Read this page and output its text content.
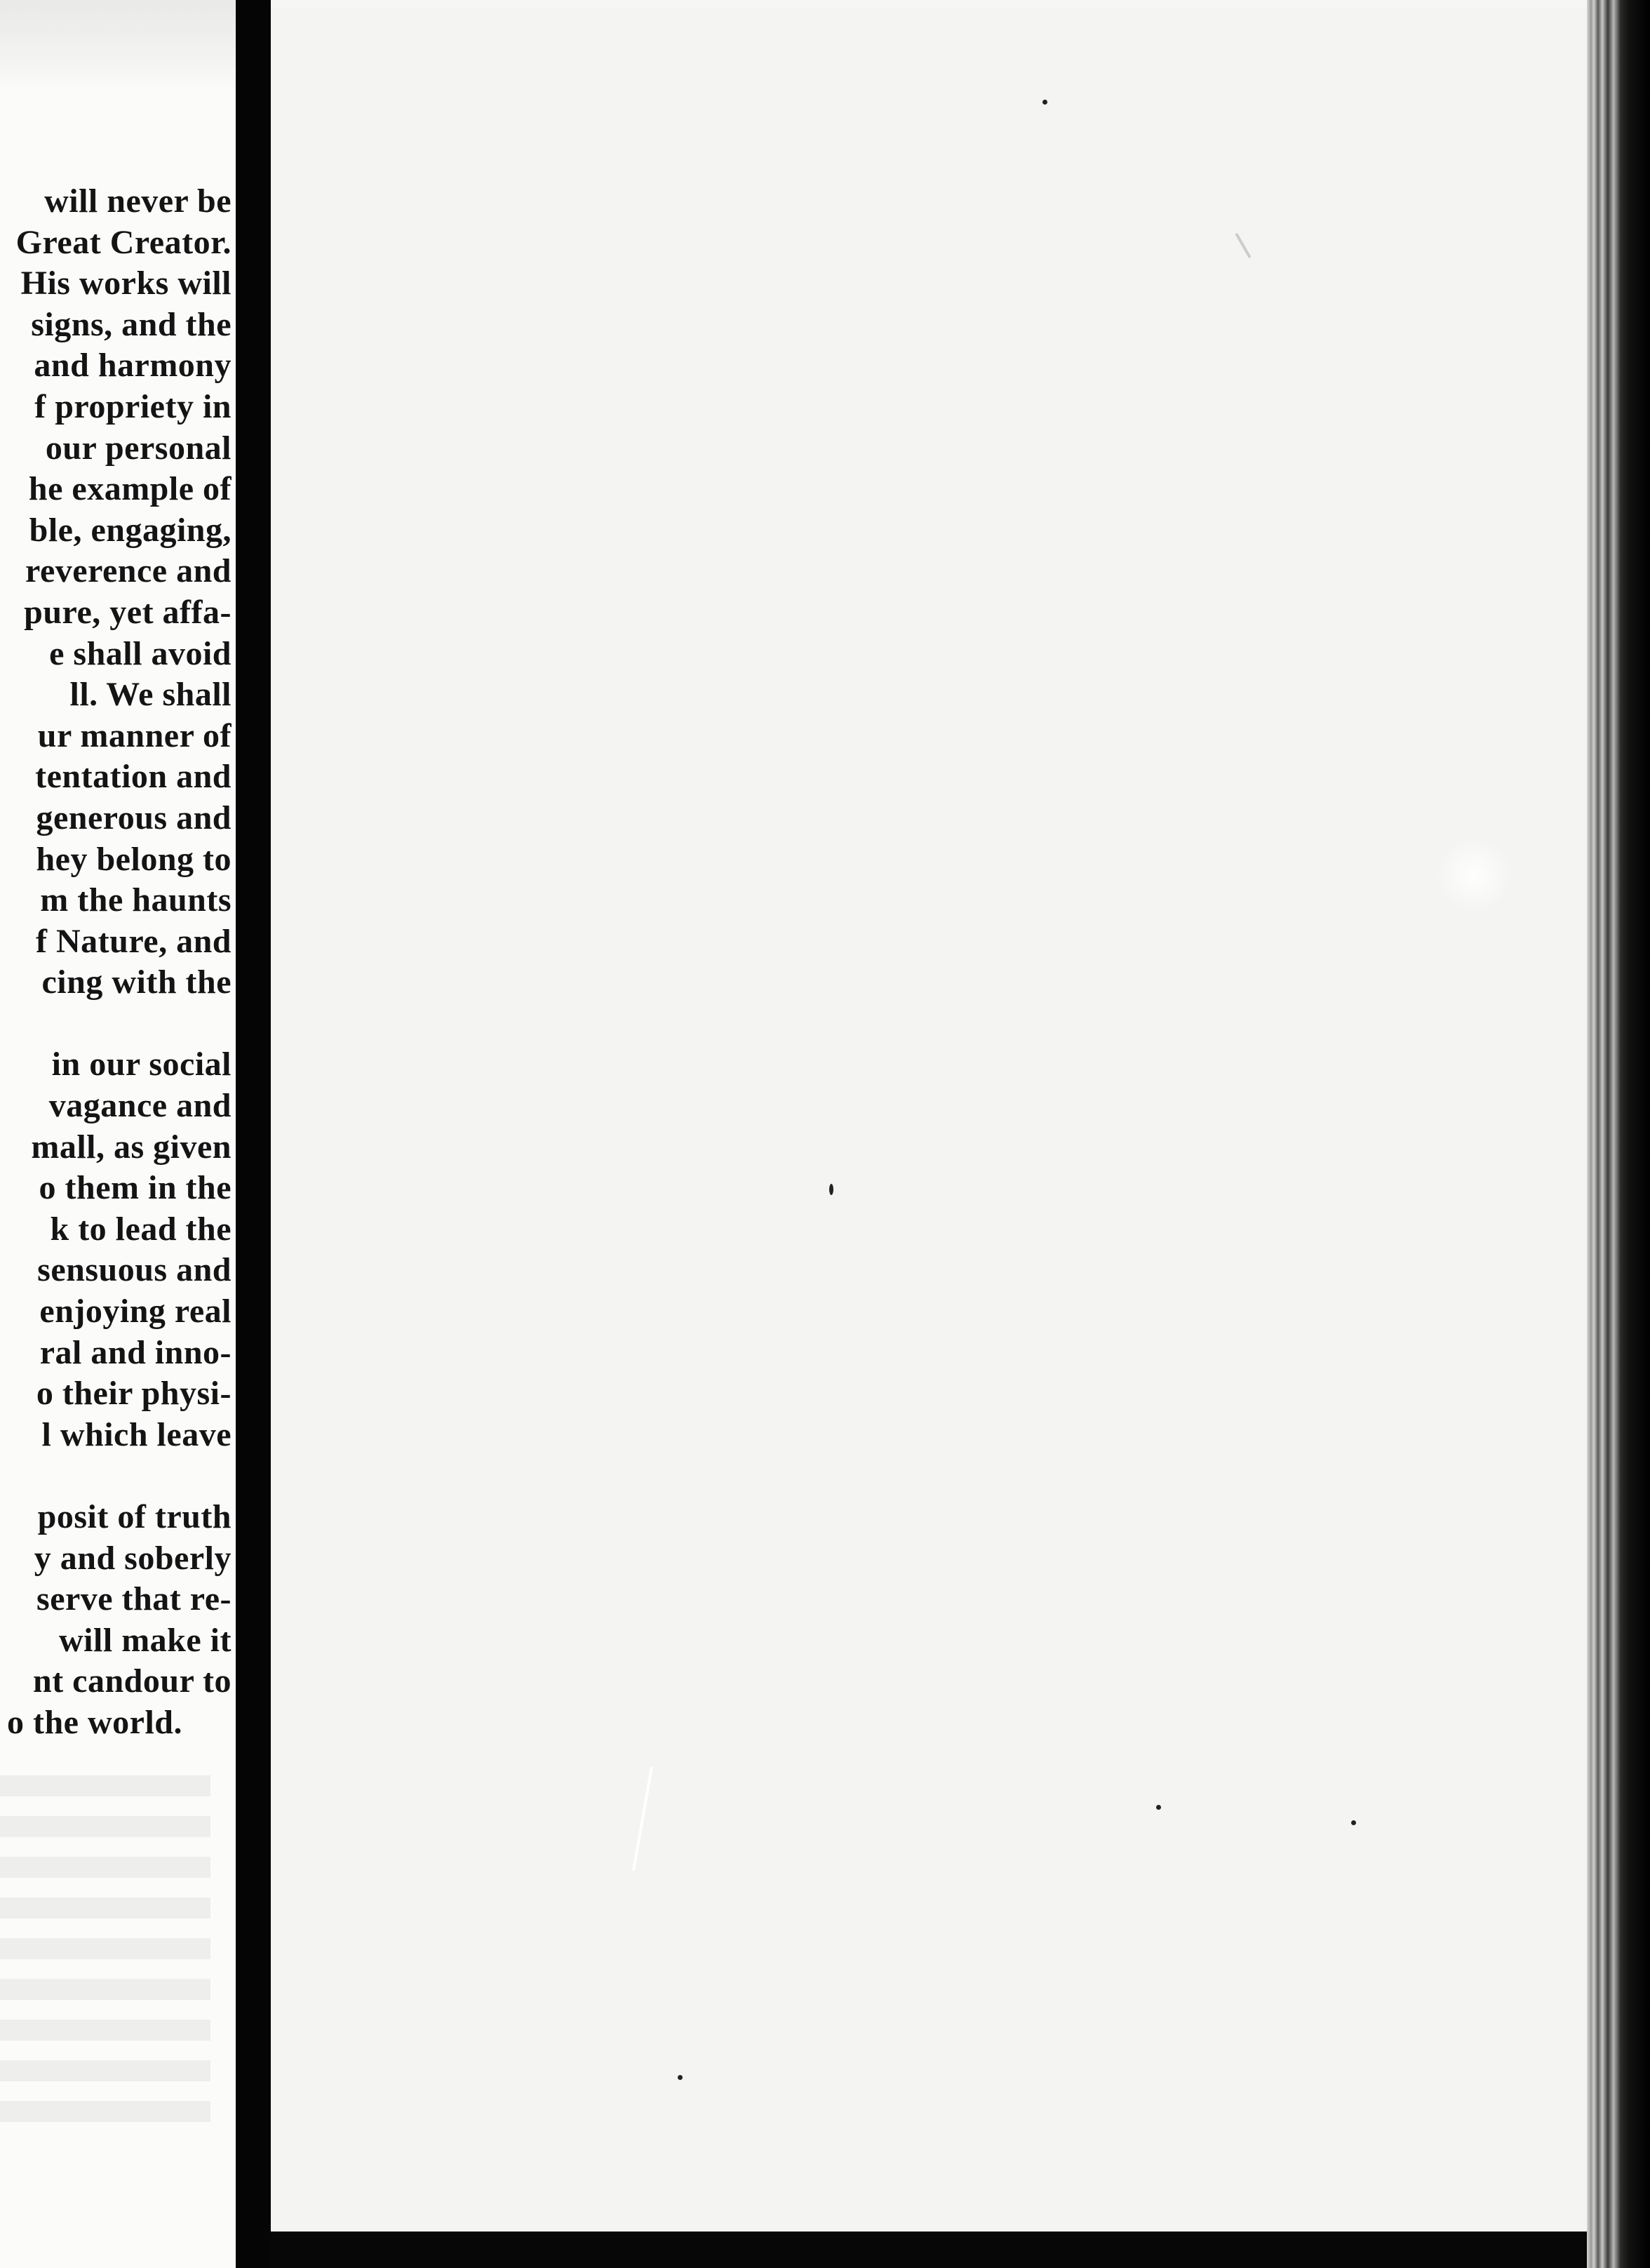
will never be
Great Creator.
His works will
signs, and the
and harmony
f propriety in
our personal
he example of
ble, engaging,
reverence and
pure, yet affa-
e shall avoid
ll. We shall
ur manner of
tentation and
generous and
hey belong to
m the haunts
f Nature, and
cing with the
in our social
vagance and
mall, as given
o them in the
k to lead the
sensuous and
enjoying real
ral and inno-
o their physi-
l which leave
posit of truth
y and soberly
serve that re-
will make it
nt candour to
o the world.
